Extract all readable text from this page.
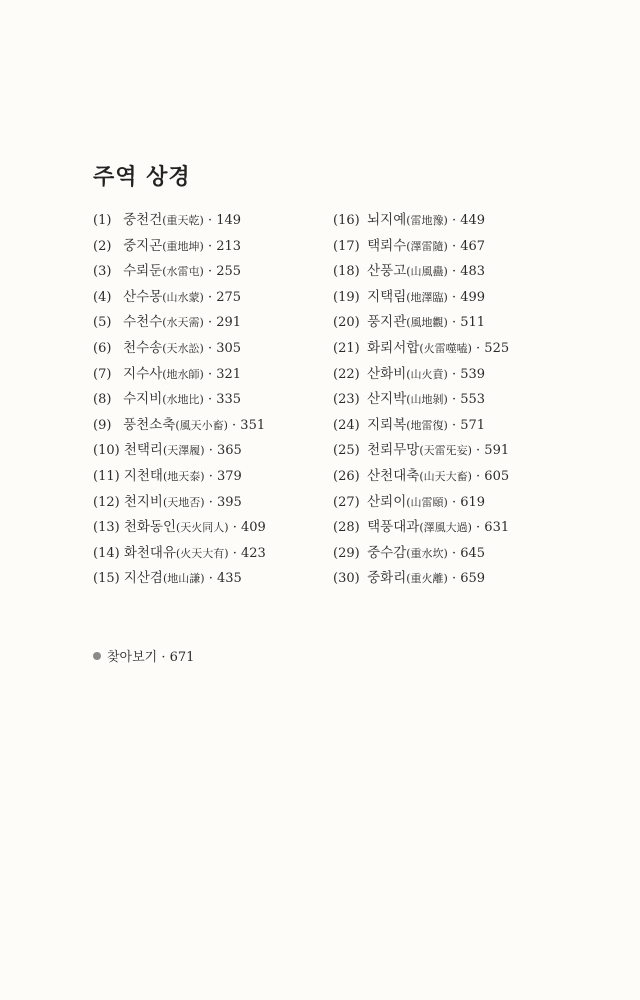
주역 상경
(1) 중천건(重天乾) · 149
(2) 중지곤(重地坤) · 213
(3) 수뢰둔(水雷屯) · 255
(4) 산수몽(山水蒙) · 275
(5) 수천수(水天需) · 291
(6) 천수송(天水訟) · 305
(7) 지수사(地水師) · 321
(8) 수지비(水地比) · 335
(9) 풍천소축(風天小畜) · 351
(10) 천택리(天澤履) · 365
(11) 지천태(地天泰) · 379
(12) 천지비(天地否) · 395
(13) 천화동인(天火同人) · 409
(14) 화천대유(火天大有) · 423
(15) 지산겸(地山謙) · 435
(16) 뇌지예(雷地豫) · 449
(17) 택뢰수(澤雷隨) · 467
(18) 산풍고(山風蠱) · 483
(19) 지택림(地澤臨) · 499
(20) 풍지관(風地觀) · 511
(21) 화뢰서합(火雷噬嗑) · 525
(22) 산화비(山火賁) · 539
(23) 산지박(山地剝) · 553
(24) 지뢰복(地雷復) · 571
(25) 천뢰무망(天雷旡妄) · 591
(26) 산천대축(山天大畜) · 605
(27) 산뢰이(山雷頤) · 619
(28) 택풍대과(澤風大過) · 631
(29) 중수감(重水坎) · 645
(30) 중화리(重火離) · 659
찾아보기 · 671
